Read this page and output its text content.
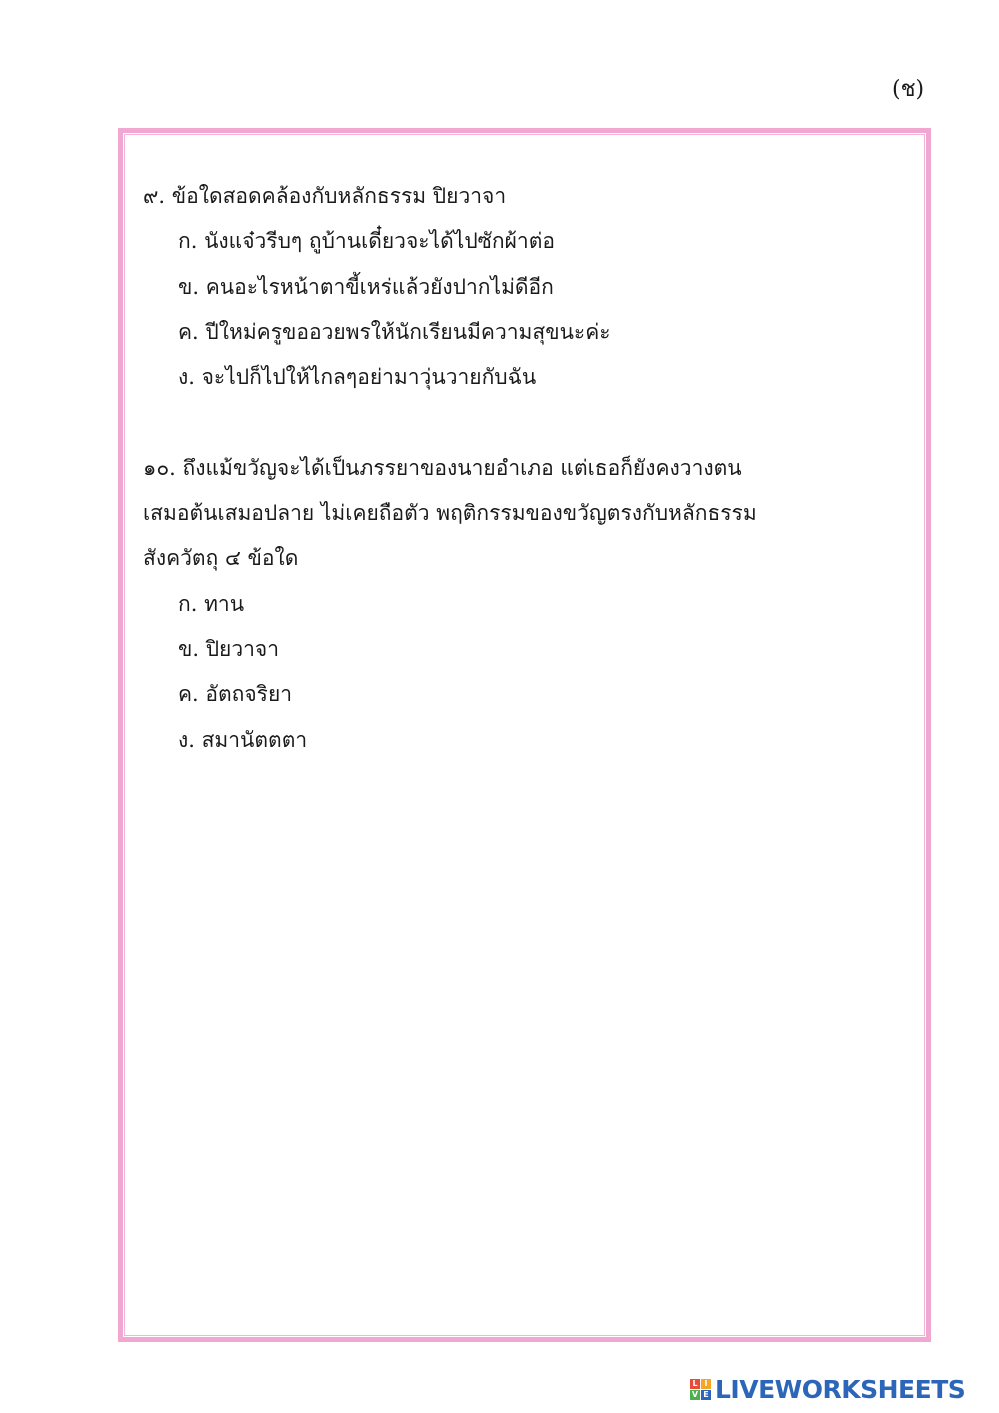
(ช)
๙. ข้อใดสอดคล้องกับหลักธรรม ปิยวาจา
ก. นังแจ๋วรีบๆ ถูบ้านเดี๋ยวจะได้ไปซักผ้าต่อ
ข. คนอะไรหน้าตาขี้เหร่แล้วยังปากไม่ดีอีก
ค. ปีใหม่ครูขออวยพรให้นักเรียนมีความสุขนะค่ะ
ง. จะไปก็ไปให้ไกลๆอย่ามาวุ่นวายกับฉัน
๑๐. ถึงแม้ขวัญจะได้เป็นภรรยาของนายอำเภอ แต่เธอก็ยังคงวางตน
เสมอต้นเสมอปลาย ไม่เคยถือตัว พฤติกรรมของขวัญตรงกับหลักธรรม
สังควัตถุ ๔ ข้อใด
ก. ทาน
ข. ปิยวาจา
ค. อัตถจริยา
ง. สมานัตตตา
L I
V E LIVEWORKSHEETS
